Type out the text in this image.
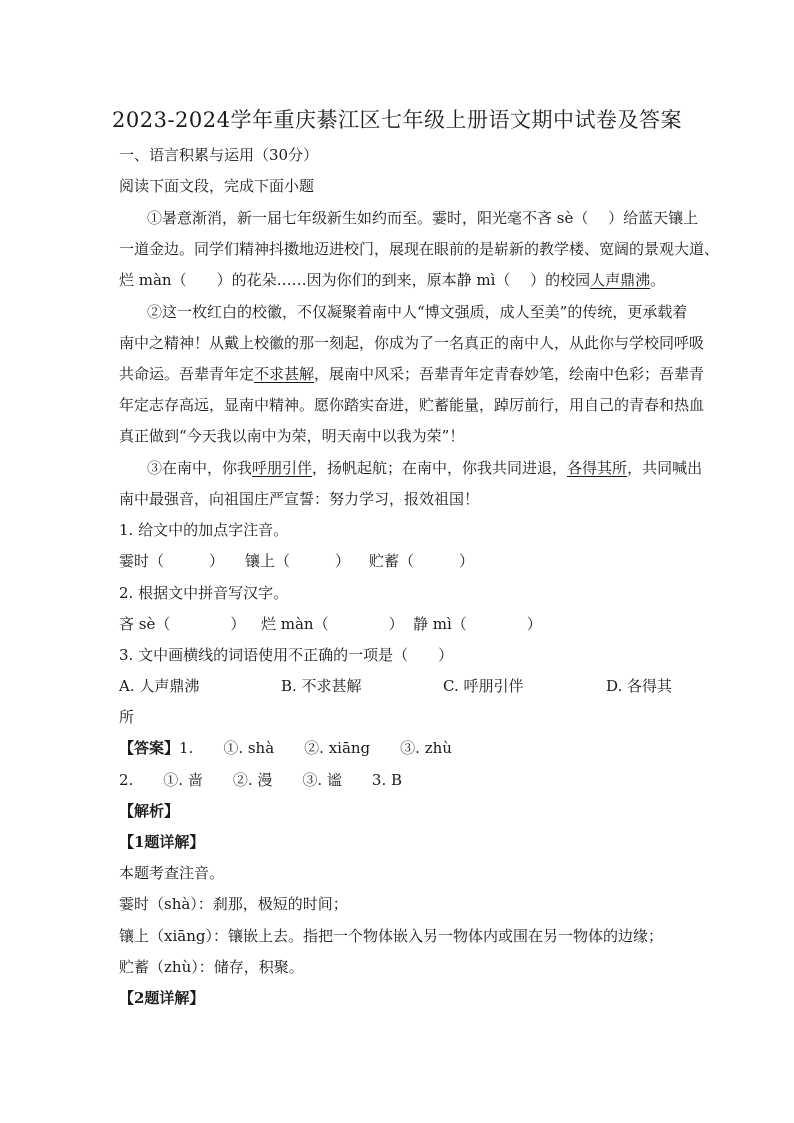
2023-2024学年重庆綦江区七年级上册语文期中试卷及答案
一、语言积累与运用（30分）
阅读下面文段，完成下面小题
①暑意渐消，新一届七年级新生如约而至。霎时，阳光毫不吝 sè（　 ）给蓝天镶上
一道金边。同学们精神抖擞地迈进校门，展现在眼前的是崭新的教学楼、宽阔的景观大道、
烂 màn（　　）的花朵……因为你们的到来，原本静 mì（　 ）的校园人声鼎沸。
②这一枚红白的校徽，不仅凝聚着南中人“博文强质，成人至美”的传统，更承载着
南中之精神！从戴上校徽的那一刻起，你成为了一名真正的南中人，从此你与学校同呼吸
共命运。吾辈青年定不求甚解，展南中风采；吾辈青年定青春妙笔，绘南中色彩；吾辈青
年定志存高远，显南中精神。愿你踏实奋进，贮蓄能量，踔厉前行，用自己的青春和热血
真正做到“今天我以南中为荣，明天南中以我为荣”！
③在南中，你我呼朋引伴，扬帆起航；在南中，你我共同进退，各得其所，共同喊出
南中最强音，向祖国庄严宣誓：努力学习，报效祖国！
1. 给文中的加点字注音。
霎时（　　　） 镶上（　　　） 贮蓄（　　　）
2. 根据文中拼音写汉字。
吝 sè（　　　　） 烂 màn（　　　　） 静 mì（　　　　）
3. 文中画横线的词语使用不正确的一项是（　　）
A. 人声鼎沸	B. 不求甚解	C. 呼朋引伴	D. 各得其
所
【答案】1.　　①. shà　　②. xiāng　　③. zhù
2.　　①. 啬　　②. 漫　　③. 谧　　3. B
【解析】
【1题详解】
本题考查注音。
霎时（shà）：刹那，极短的时间；
镶上（xiāng）：镶嵌上去。指把一个物体嵌入另一物体内或围在另一物体的边缘；
贮蓄（zhù）：储存，积聚。
【2题详解】
